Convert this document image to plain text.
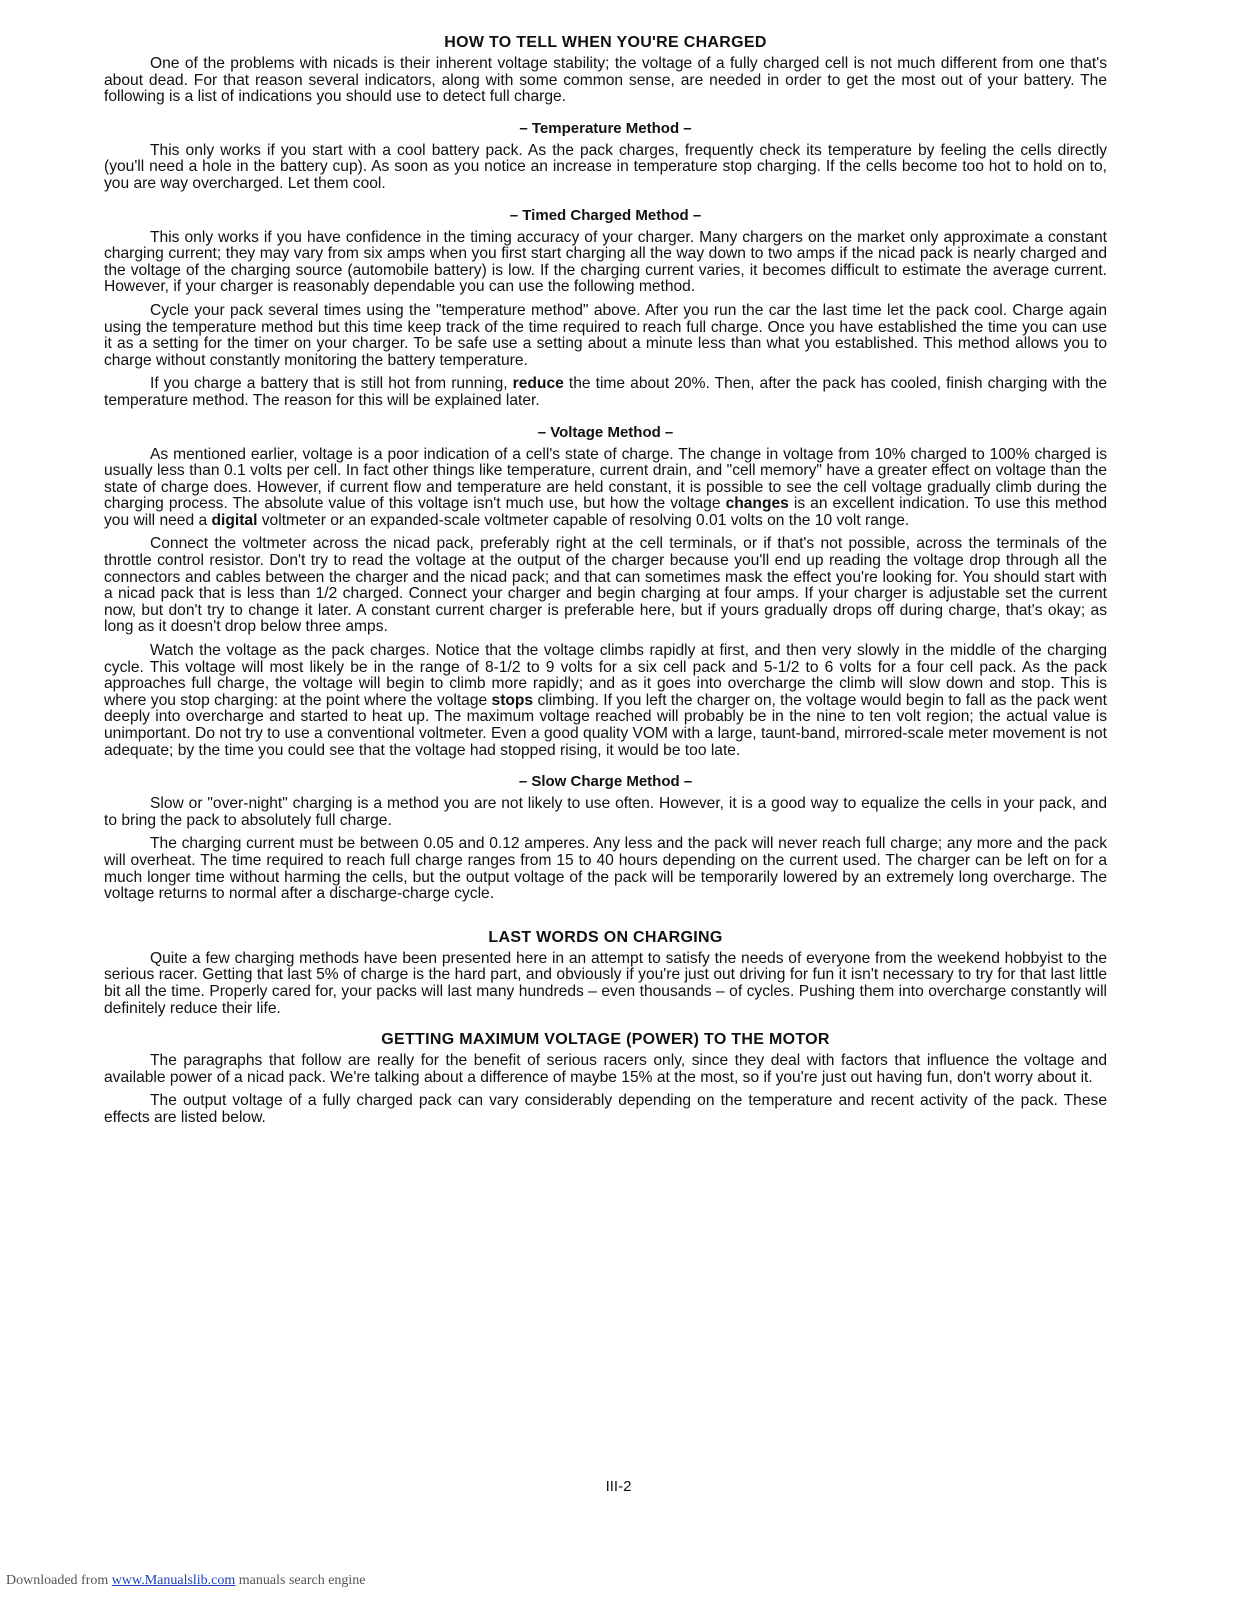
HOW TO TELL WHEN YOU'RE CHARGED

One of the problems with nicads is their inherent voltage stability; the voltage of a fully charged cell is not much different from one that's about dead. For that reason several indicators, along with some common sense, are needed in order to get the most out of your battery. The following is a list of indications you should use to detect full charge.

– Temperature Method –

This only works if you start with a cool battery pack. As the pack charges, frequently check its temperature by feeling the cells directly (you'll need a hole in the battery cup). As soon as you notice an increase in temperature stop charging. If the cells become too hot to hold on to, you are way overcharged. Let them cool.

– Timed Charged Method –

This only works if you have confidence in the timing accuracy of your charger. Many chargers on the market only approximate a constant charging current; they may vary from six amps when you first start charging all the way down to two amps if the nicad pack is nearly charged and the voltage of the charging source (automobile battery) is low. If the charging current varies, it becomes difficult to estimate the average current. However, if your charger is reasonably dependable you can use the following method.

Cycle your pack several times using the "temperature method" above. After you run the car the last time let the pack cool. Charge again using the temperature method but this time keep track of the time required to reach full charge. Once you have established the time you can use it as a setting for the timer on your charger. To be safe use a setting about a minute less than what you established. This method allows you to charge without constantly monitoring the battery temperature.

If you charge a battery that is still hot from running, reduce the time about 20%. Then, after the pack has cooled, finish charging with the temperature method. The reason for this will be explained later.

– Voltage Method –

As mentioned earlier, voltage is a poor indication of a cell's state of charge. The change in voltage from 10% charged to 100% charged is usually less than 0.1 volts per cell. In fact other things like temperature, current drain, and "cell memory" have a greater effect on voltage than the state of charge does. However, if current flow and temperature are held constant, it is possible to see the cell voltage gradually climb during the charging process. The absolute value of this voltage isn't much use, but how the voltage changes is an excellent indication. To use this method you will need a digital voltmeter or an expanded-scale voltmeter capable of resolving 0.01 volts on the 10 volt range.

Connect the voltmeter across the nicad pack, preferably right at the cell terminals, or if that's not possible, across the terminals of the throttle control resistor. Don't try to read the voltage at the output of the charger because you'll end up reading the voltage drop through all the connectors and cables between the charger and the nicad pack; and that can sometimes mask the effect you're looking for. You should start with a nicad pack that is less than 1/2 charged. Connect your charger and begin charging at four amps. If your charger is adjustable set the current now, but don't try to change it later. A constant current charger is preferable here, but if yours gradually drops off during charge, that's okay; as long as it doesn't drop below three amps.

Watch the voltage as the pack charges. Notice that the voltage climbs rapidly at first, and then very slowly in the middle of the charging cycle. This voltage will most likely be in the range of 8-1/2 to 9 volts for a six cell pack and 5-1/2 to 6 volts for a four cell pack. As the pack approaches full charge, the voltage will begin to climb more rapidly; and as it goes into overcharge the climb will slow down and stop. This is where you stop charging: at the point where the voltage stops climbing. If you left the charger on, the voltage would begin to fall as the pack went deeply into overcharge and started to heat up. The maximum voltage reached will probably be in the nine to ten volt region; the actual value is unimportant. Do not try to use a conventional voltmeter. Even a good quality VOM with a large, taunt-band, mirrored-scale meter movement is not adequate; by the time you could see that the voltage had stopped rising, it would be too late.

– Slow Charge Method –

Slow or "over-night" charging is a method you are not likely to use often. However, it is a good way to equalize the cells in your pack, and to bring the pack to absolutely full charge.

The charging current must be between 0.05 and 0.12 amperes. Any less and the pack will never reach full charge; any more and the pack will overheat. The time required to reach full charge ranges from 15 to 40 hours depending on the current used. The charger can be left on for a much longer time without harming the cells, but the output voltage of the pack will be temporarily lowered by an extremely long overcharge. The voltage returns to normal after a discharge-charge cycle.

LAST WORDS ON CHARGING

Quite a few charging methods have been presented here in an attempt to satisfy the needs of everyone from the weekend hobbyist to the serious racer. Getting that last 5% of charge is the hard part, and obviously if you're just out driving for fun it isn't necessary to try for that last little bit all the time. Properly cared for, your packs will last many hundreds – even thousands – of cycles. Pushing them into overcharge constantly will definitely reduce their life.

GETTING MAXIMUM VOLTAGE (POWER) TO THE MOTOR

The paragraphs that follow are really for the benefit of serious racers only, since they deal with factors that influence the voltage and available power of a nicad pack. We're talking about a difference of maybe 15% at the most, so if you're just out having fun, don't worry about it.

The output voltage of a fully charged pack can vary considerably depending on the temperature and recent activity of the pack. These effects are listed below.

III-2
Downloaded from www.Manualslib.com manuals search engine
